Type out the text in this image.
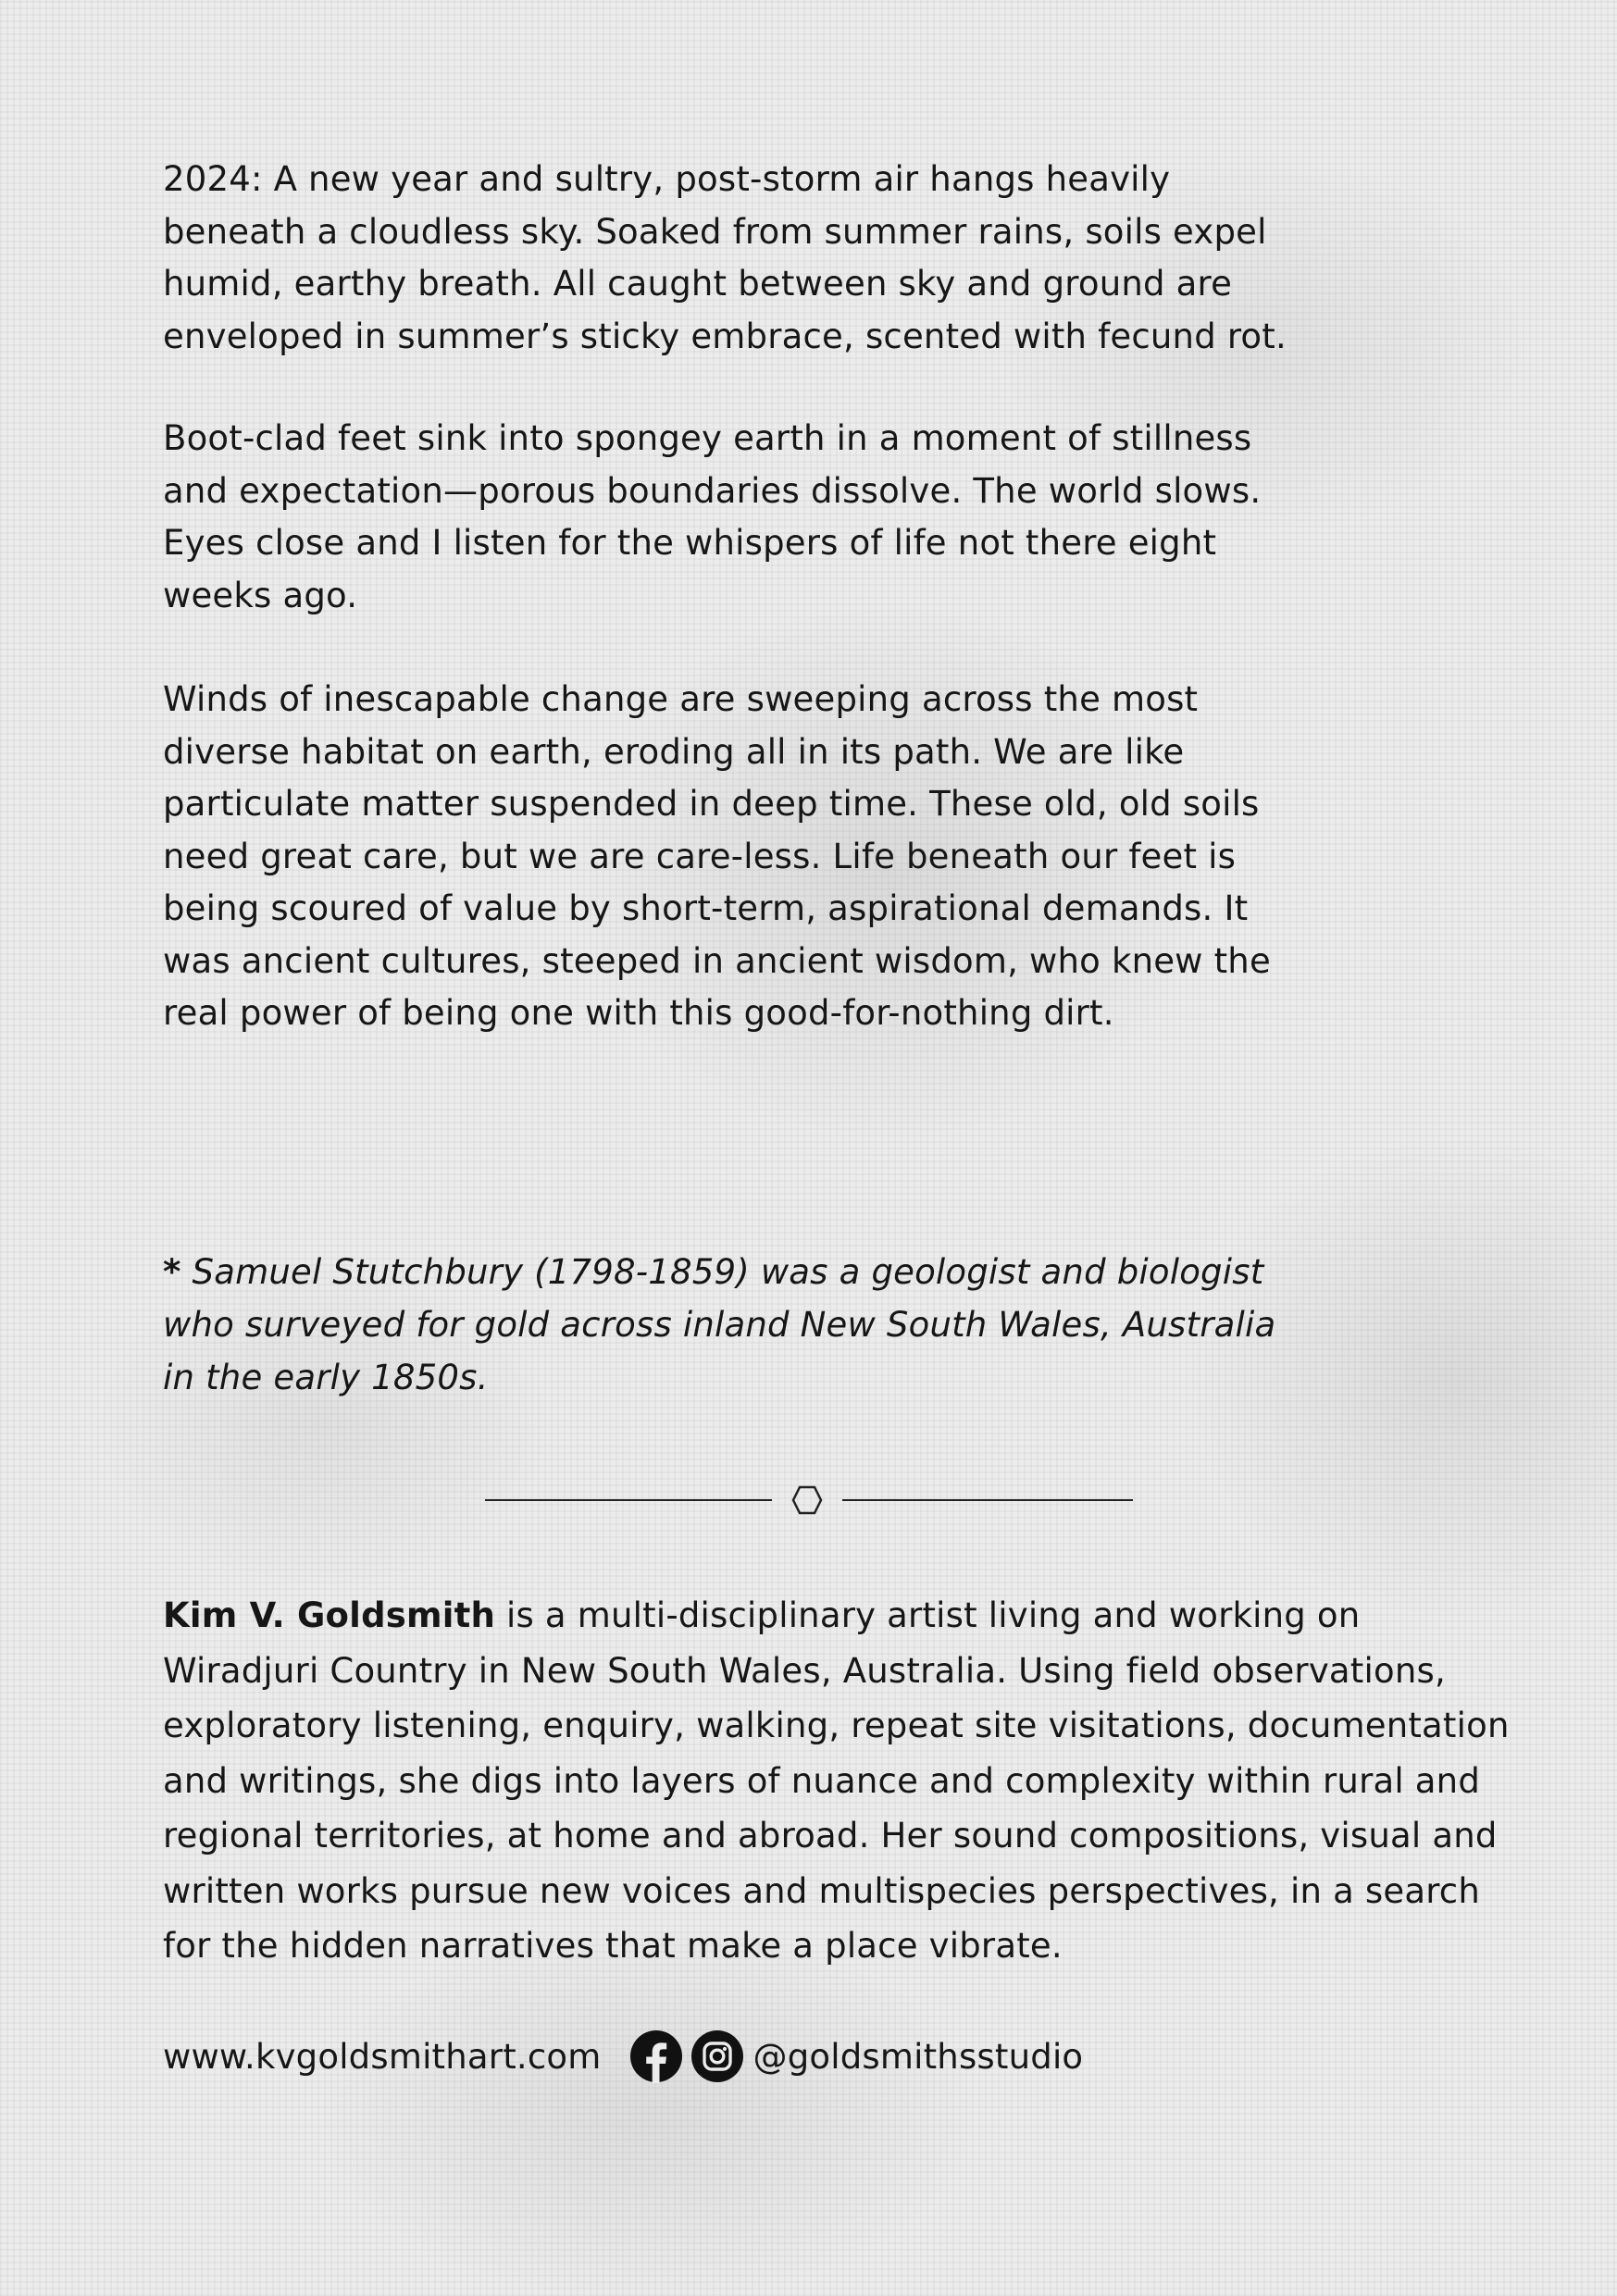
2024: A new year and sultry, post-storm air hangs heavily
beneath a cloudless sky. Soaked from summer rains, soils expel
humid, earthy breath. All caught between sky and ground are
enveloped in summer’s sticky embrace, scented with fecund rot.

Boot-clad feet sink into spongey earth in a moment of stillness
and expectation—porous boundaries dissolve. The world slows.
Eyes close and I listen for the whispers of life not there eight
weeks ago.

Winds of inescapable change are sweeping across the most
diverse habitat on earth, eroding all in its path. We are like
particulate matter suspended in deep time. These old, old soils
need great care, but we are care-less. Life beneath our feet is
being scoured of value by short-term, aspirational demands. It
was ancient cultures, steeped in ancient wisdom, who knew the
real power of being one with this good-for-nothing dirt.

* Samuel Stutchbury (1798-1859) was a geologist and biologist
who surveyed for gold across inland New South Wales, Australia
in the early 1850s.

Kim V. Goldsmith is a multi-disciplinary artist living and working on Wiradjuri Country in New South Wales, Australia. Using field observations, exploratory listening, enquiry, walking, repeat site visitations, documentation and writings, she digs into layers of nuance and complexity within rural and regional territories, at home and abroad. Her sound compositions, visual and written works pursue new voices and multispecies perspectives, in a search for the hidden narratives that make a place vibrate.

www.kvgoldsmithart.com	@goldsmithsstudio
